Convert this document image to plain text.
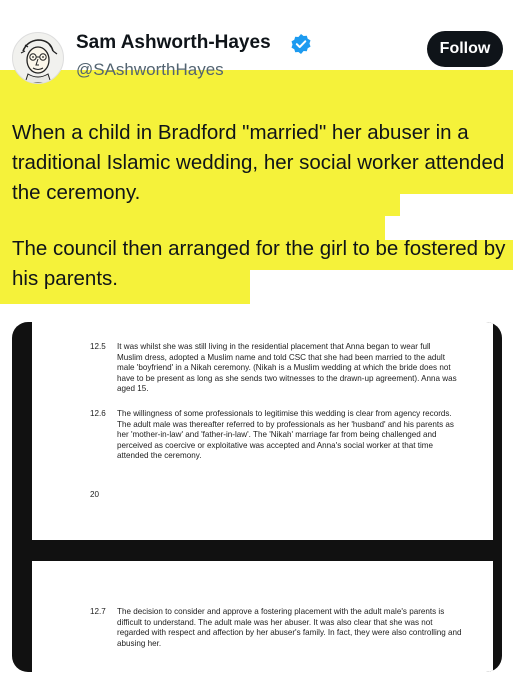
Sam Ashworth-Hayes
@SAshworthHayes
Follow

When a child in Bradford "married" her abuser in a traditional Islamic wedding, her social worker attended the ceremony.

The council then arranged for the girl to be fostered by his parents.

12.5 It was whilst she was still living in the residential placement that Anna began to wear full Muslim dress, adopted a Muslim name and told CSC that she had been married to the adult male 'boyfriend' in a Nikah ceremony. (Nikah is a Muslim wedding at which the bride does not have to be present as long as she sends two witnesses to the drawn-up agreement). Anna was aged 15.
12.6 The willingness of some professionals to legitimise this wedding is clear from agency records. The adult male was thereafter referred to by professionals as her 'husband' and his parents as her 'mother-in-law' and 'father-in-law'. The 'Nikah' marriage far from being challenged and perceived as coercive or exploitative was accepted and Anna's social worker at that time attended the ceremony.
20
12.7 The decision to consider and approve a fostering placement with the adult male's parents is difficult to understand. The adult male was her abuser. It was also clear that she was not regarded with respect and affection by her abuser's family. In fact, they were also controlling and abusing her.
